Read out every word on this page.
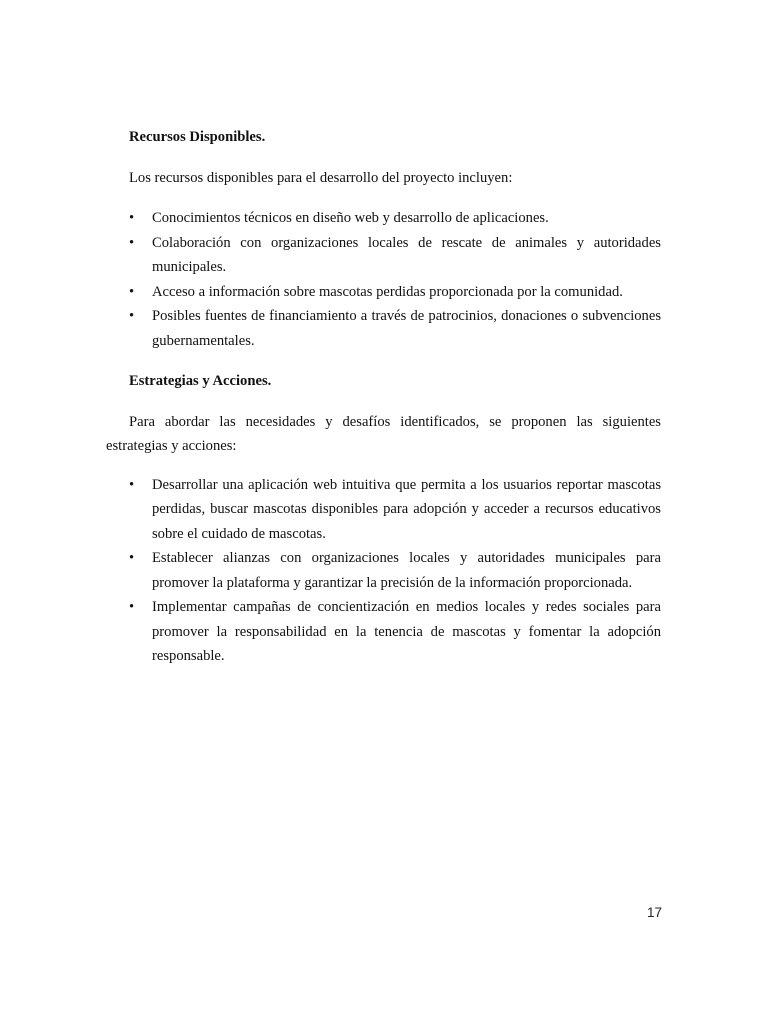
Recursos Disponibles.

Los recursos disponibles para el desarrollo del proyecto incluyen:

•	Conocimientos técnicos en diseño web y desarrollo de aplicaciones.
•	Colaboración con organizaciones locales de rescate de animales y autoridades municipales.
•	Acceso a información sobre mascotas perdidas proporcionada por la comunidad.
•	Posibles fuentes de financiamiento a través de patrocinios, donaciones o subvenciones gubernamentales.
Estrategias y Acciones.

Para abordar las necesidades y desafíos identificados, se proponen las siguientes estrategias y acciones:

•	Desarrollar una aplicación web intuitiva que permita a los usuarios reportar mascotas perdidas, buscar mascotas disponibles para adopción y acceder a recursos educativos sobre el cuidado de mascotas.
•	Establecer alianzas con organizaciones locales y autoridades municipales para promover la plataforma y garantizar la precisión de la información proporcionada.
•	Implementar campañas de concientización en medios locales y redes sociales para promover la responsabilidad en la tenencia de mascotas y fomentar la adopción responsable.
17
